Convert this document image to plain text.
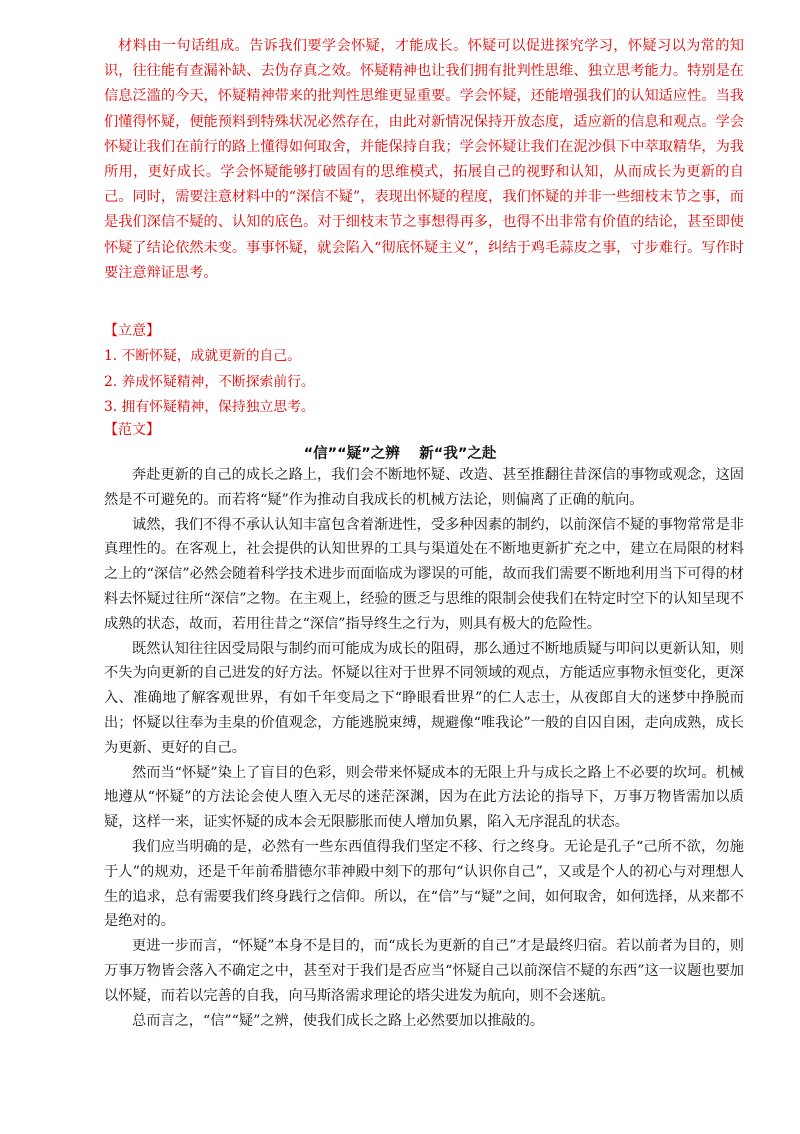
材料由一句话组成。告诉我们要学会怀疑，才能成长。怀疑可以促进探究学习，怀疑习以为常的知识，往往能有查漏补缺、去伪存真之效。怀疑精神也让我们拥有批判性思维、独立思考能力。特别是在信息泛滥的今天，怀疑精神带来的批判性思维更显重要。学会怀疑，还能增强我们的认知适应性。当我们懂得怀疑，便能预料到特殊状况必然存在，由此对新情况保持开放态度，适应新的信息和观点。学会怀疑让我们在前行的路上懂得如何取舍，并能保持自我；学会怀疑让我们在泥沙俱下中萃取精华，为我所用，更好成长。学会怀疑能够打破固有的思维模式，拓展自己的视野和认知，从而成长为更新的自己。同时，需要注意材料中的“深信不疑”，表现出怀疑的程度，我们怀疑的并非一些细枝末节之事，而是我们深信不疑的、认知的底色。对于细枝末节之事想得再多，也得不出非常有价值的结论，甚至即使怀疑了结论依然未变。事事怀疑，就会陷入“彻底怀疑主义”，纠结于鸡毛蒜皮之事，寸步难行。写作时要注意辩证思考。

【立意】

1. 不断怀疑，成就更新的自己。
2. 养成怀疑精神，不断探索前行。
3. 拥有怀疑精神，保持独立思考。

【范文】

“信”“疑”之辨　 新“我”之赴

奔赴更新的自己的成长之路上，我们会不断地怀疑、改造、甚至推翻往昔深信的事物或观念，这固然是不可避免的。而若将“疑”作为推动自我成长的机械方法论，则偏离了正确的航向。

诚然，我们不得不承认认知丰富包含着渐进性，受多种因素的制约，以前深信不疑的事物常常是非真理性的。在客观上，社会提供的认知世界的工具与渠道处在不断地更新扩充之中，建立在局限的材料之上的“深信”必然会随着科学技术进步而面临成为谬误的可能，故而我们需要不断地利用当下可得的材料去怀疑过往所“深信”之物。在主观上，经验的匮乏与思维的限制会使我们在特定时空下的认知呈现不成熟的状态，故而，若用往昔之“深信”指导终生之行为，则具有极大的危险性。

既然认知往往因受局限与制约而可能成为成长的阻碍，那么通过不断地质疑与叩问以更新认知，则不失为向更新的自己进发的好方法。怀疑以往对于世界不同领域的观点，方能适应事物永恒变化，更深入、准确地了解客观世界，有如千年变局之下“睁眼看世界”的仁人志士，从夜郎自大的迷梦中挣脱而出；怀疑以往奉为圭臬的价值观念，方能逃脱束缚，规避像“唯我论”一般的自囚自困，走向成熟，成长为更新、更好的自己。

然而当“怀疑”染上了盲目的色彩，则会带来怀疑成本的无限上升与成长之路上不必要的坎坷。机械地遵从“怀疑”的方法论会使人堕入无尽的迷茫深渊，因为在此方法论的指导下，万事万物皆需加以质疑，这样一来，证实怀疑的成本会无限膨胀而使人增加负累，陷入无序混乱的状态。

我们应当明确的是，必然有一些东西值得我们坚定不移、行之终身。无论是孔子“己所不欲，勿施于人”的规劝，还是千年前希腊德尔菲神殿中刻下的那句“认识你自己”，又或是个人的初心与对理想人生的追求，总有需要我们终身践行之信仰。所以，在“信”与“疑”之间，如何取舍，如何选择，从来都不是绝对的。

更进一步而言，“怀疑”本身不是目的，而“成长为更新的自己”才是最终归宿。若以前者为目的，则万事万物皆会落入不确定之中，甚至对于我们是否应当“怀疑自己以前深信不疑的东西”这一议题也要加以怀疑，而若以完善的自我，向马斯洛需求理论的塔尖进发为航向，则不会迷航。

总而言之，“信”“疑”之辨，使我们成长之路上必然要加以推敲的。
